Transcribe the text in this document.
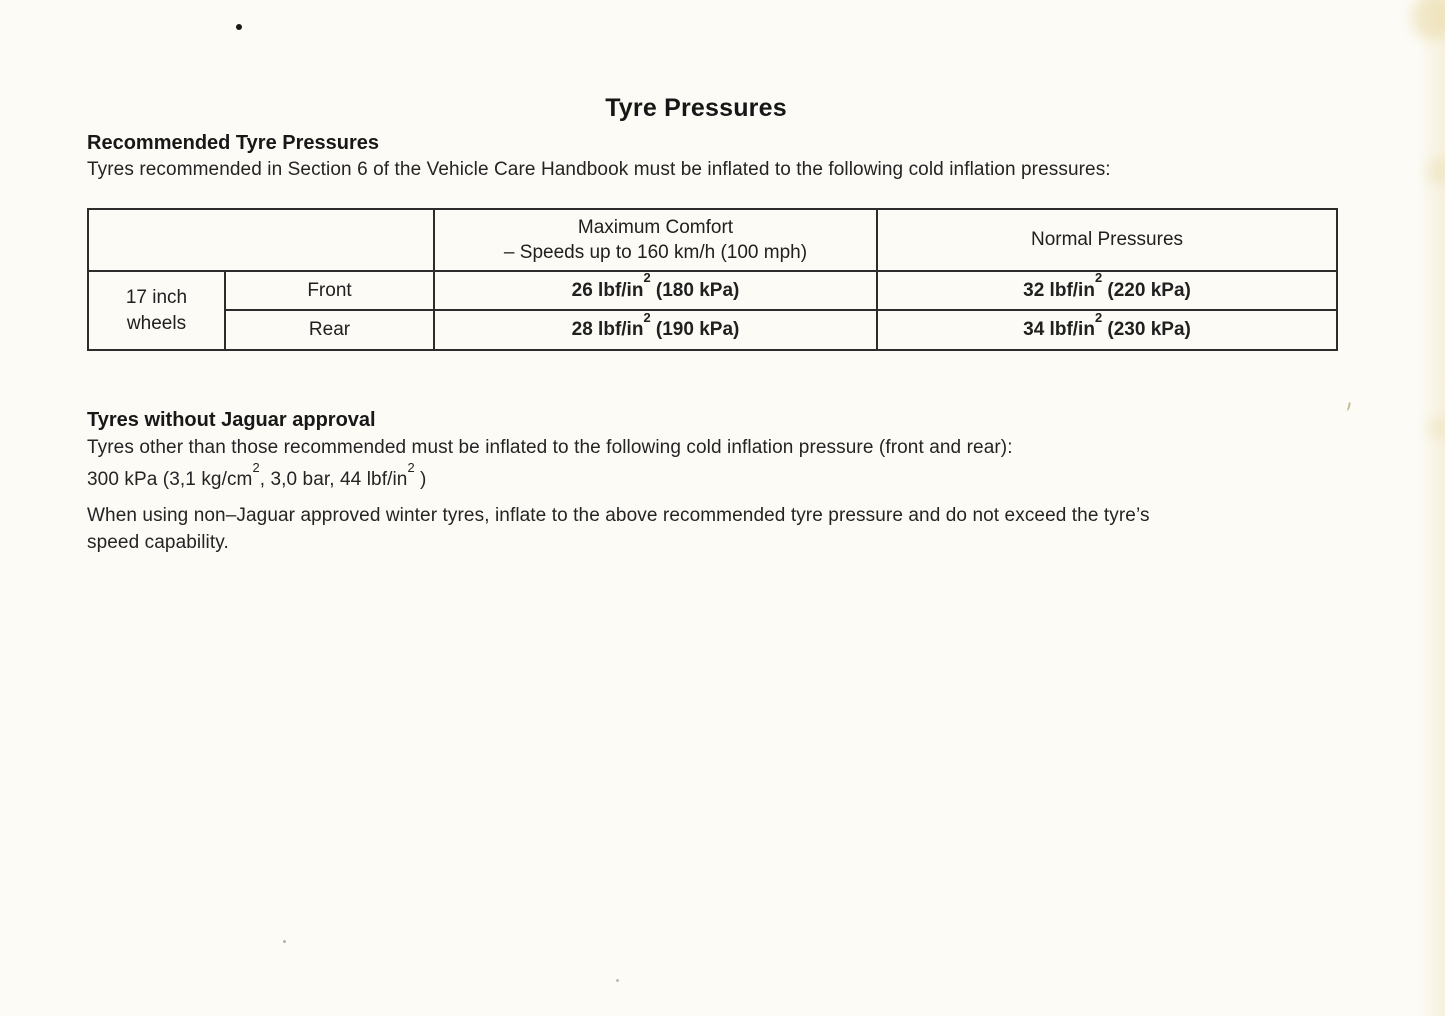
Tyre Pressures
Recommended Tyre Pressures
Tyres recommended in Section 6 of the Vehicle Care Handbook must be inflated to the following cold inflation pressures:

		Maximum Comfort
– Speeds up to 160 km/h (100 mph)	Normal Pressures

17 inch
wheels	Front	26 lbf/$in^2$ (180 kPa)	32 lbf/$in^2$ (220 kPa)
	Rear	28 lbf/$in^2$ (190 kPa)	34 lbf/$in^2$ (230 kPa)
Tyres without Jaguar approval
Tyres other than those recommended must be inflated to the following cold inflation pressure (front and rear):
300 kPa (3,1 $kg/cm^2$, 3,0 bar, 44 lbf/$in^2$ )
When using non–Jaguar approved winter tyres, inflate to the above recommended tyre pressure and do not exceed the tyre’s
speed capability.
